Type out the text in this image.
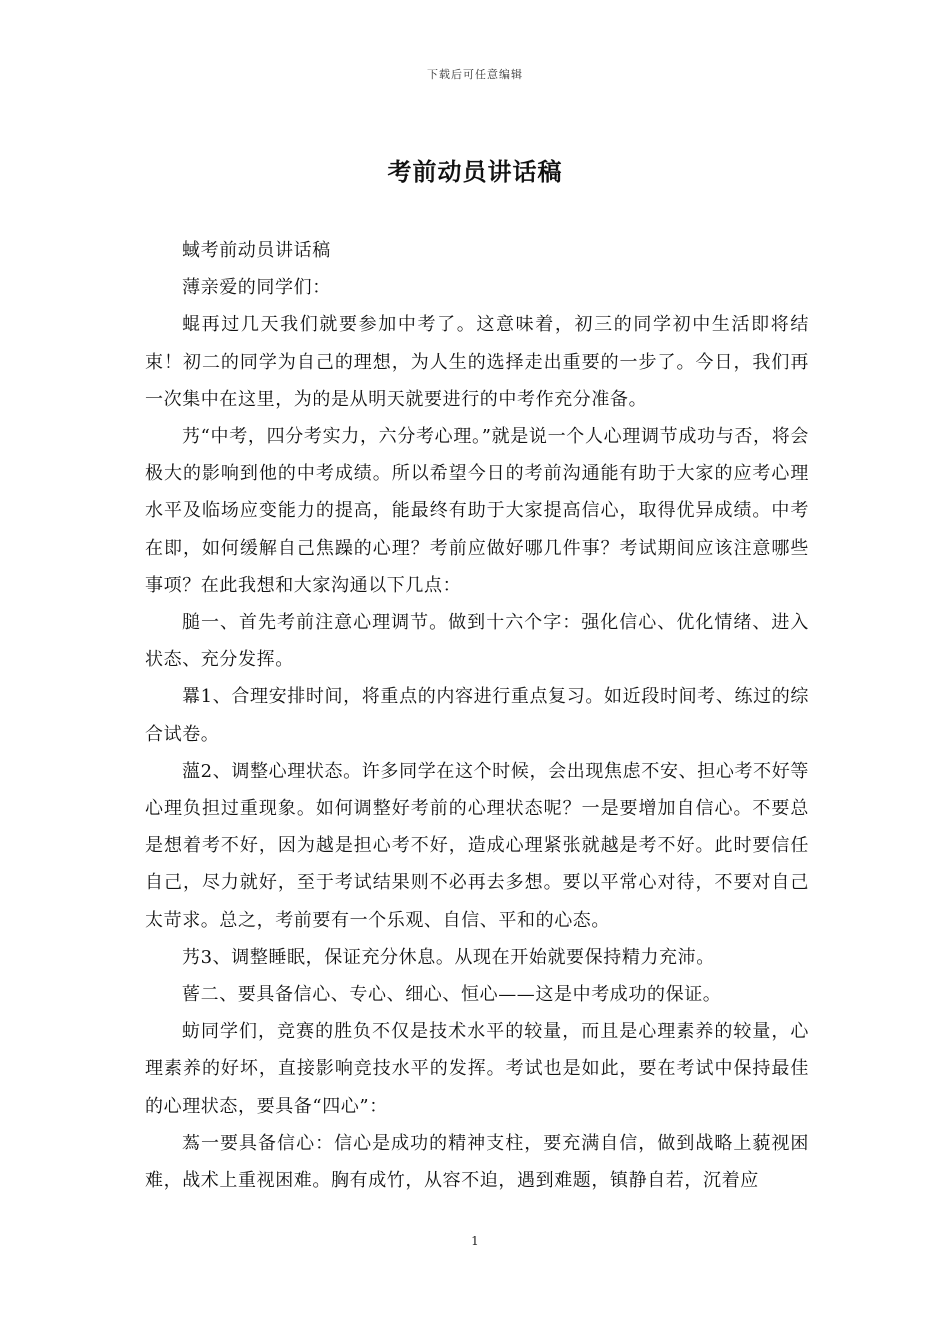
下载后可任意编辑
考前动员讲话稿

蜮考前动员讲话稿

薄亲爱的同学们：

蜫再过几天我们就要参加中考了。这意味着，初三的同学初中生活即将结束！初二的同学为自己的理想，为人生的选择走出重要的一步了。今日，我们再一次集中在这里，为的是从明天就要进行的中考作充分准备。

艿“中考，四分考实力，六分考心理。”就是说一个人心理调节成功与否，将会极大的影响到他的中考成绩。所以希望今日的考前沟通能有助于大家的应考心理水平及临场应变能力的提高，能最终有助于大家提高信心，取得优异成绩。中考在即，如何缓解自己焦躁的心理？考前应做好哪几件事？考试期间应该注意哪些事项？在此我想和大家沟通以下几点：

膇一、首先考前注意心理调节。做到十六个字：强化信心、优化情绪、进入状态、充分发挥。

羃1、合理安排时间，将重点的内容进行重点复习。如近段时间考、练过的综合试卷。

薀2、调整心理状态。许多同学在这个时候，会出现焦虑不安、担心考不好等心理负担过重现象。如何调整好考前的心理状态呢？一是要增加自信心。不要总是想着考不好，因为越是担心考不好，造成心理紧张就越是考不好。此时要信任自己，尽力就好，至于考试结果则不必再去多想。要以平常心对待，不要对自己太苛求。总之，考前要有一个乐观、自信、平和的心态。

艿3、调整睡眠，保证充分休息。从现在开始就要保持精力充沛。

蒈二、要具备信心、专心、细心、恒心——这是中考成功的保证。

蚄同学们，竞赛的胜负不仅是技术水平的较量，而且是心理素养的较量，心理素养的好坏，直接影响竞技水平的发挥。考试也是如此，要在考试中保持最佳的心理状态，要具备“四心”：

蒍一要具备信心：信心是成功的精神支柱，要充满自信，做到战略上藐视困难，战术上重视困难。胸有成竹，从容不迫，遇到难题，镇静自若，沉着应

1
